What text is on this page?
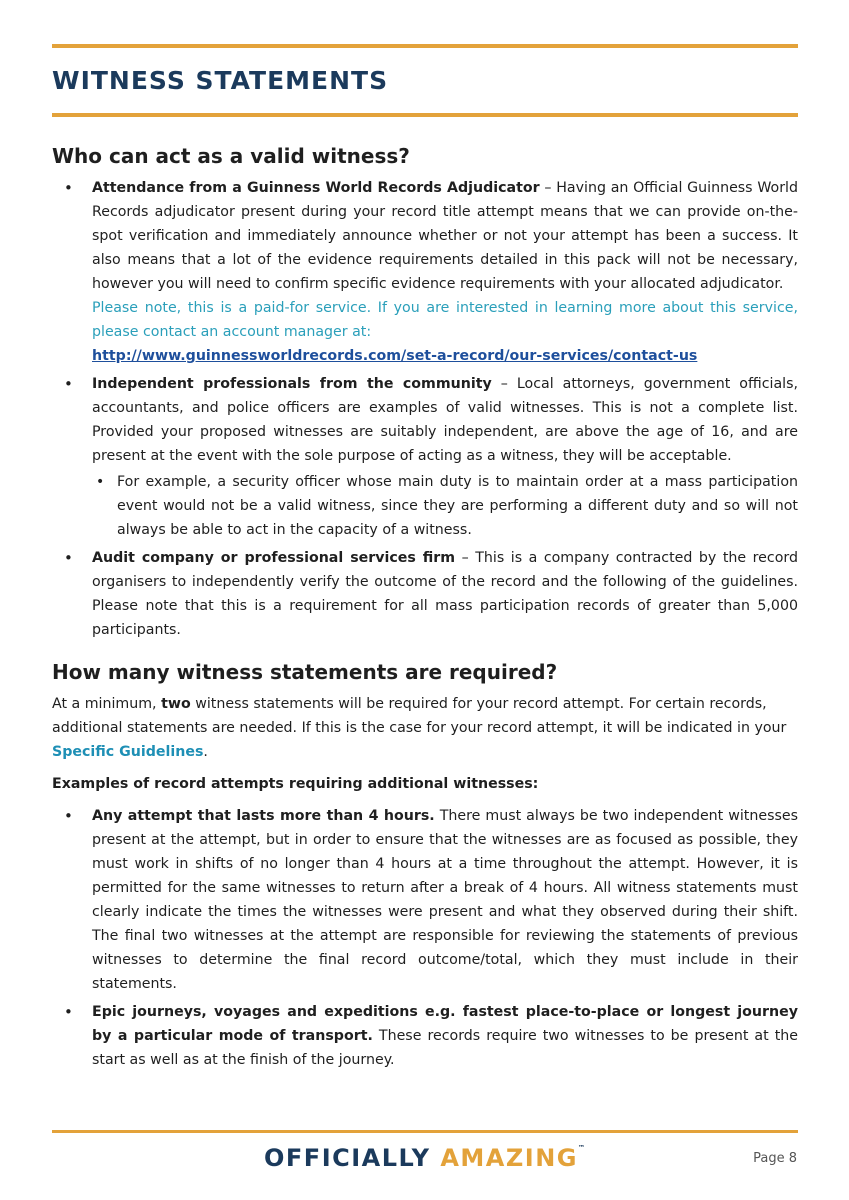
WITNESS STATEMENTS
Who can act as a valid witness?
• Attendance from a Guinness World Records Adjudicator – Having an Official Guinness World Records adjudicator present during your record title attempt means that we can provide on-the-spot verification and immediately announce whether or not your attempt has been a success. It also means that a lot of the evidence requirements detailed in this pack will not be necessary, however you will need to confirm specific evidence requirements with your allocated adjudicator.
Please note, this is a paid-for service. If you are interested in learning more about this service, please contact an account manager at:
http://www.guinnessworldrecords.com/set-a-record/our-services/contact-us
• Independent professionals from the community – Local attorneys, government officials, accountants, and police officers are examples of valid witnesses. This is not a complete list. Provided your proposed witnesses are suitably independent, are above the age of 16, and are present at the event with the sole purpose of acting as a witness, they will be acceptable.
• For example, a security officer whose main duty is to maintain order at a mass participation event would not be a valid witness, since they are performing a different duty and so will not always be able to act in the capacity of a witness.
• Audit company or professional services firm – This is a company contracted by the record organisers to independently verify the outcome of the record and the following of the guidelines. Please note that this is a requirement for all mass participation records of greater than 5,000 participants.
How many witness statements are required?

At a minimum, two witness statements will be required for your record attempt. For certain records, additional statements are needed. If this is the case for your record attempt, it will be indicated in your Specific Guidelines.

Examples of record attempts requiring additional witnesses:

• Any attempt that lasts more than 4 hours. There must always be two independent witnesses present at the attempt, but in order to ensure that the witnesses are as focused as possible, they must work in shifts of no longer than 4 hours at a time throughout the attempt. However, it is permitted for the same witnesses to return after a break of 4 hours. All witness statements must clearly indicate the times the witnesses were present and what they observed during their shift. The final two witnesses at the attempt are responsible for reviewing the statements of previous witnesses to determine the final record outcome/total, which they must include in their statements.
• Epic journeys, voyages and expeditions e.g. fastest place-to-place or longest journey by a particular mode of transport. These records require two witnesses to be present at the start as well as at the finish of the journey.
OFFICIALLY AMAZING™
Page 8
